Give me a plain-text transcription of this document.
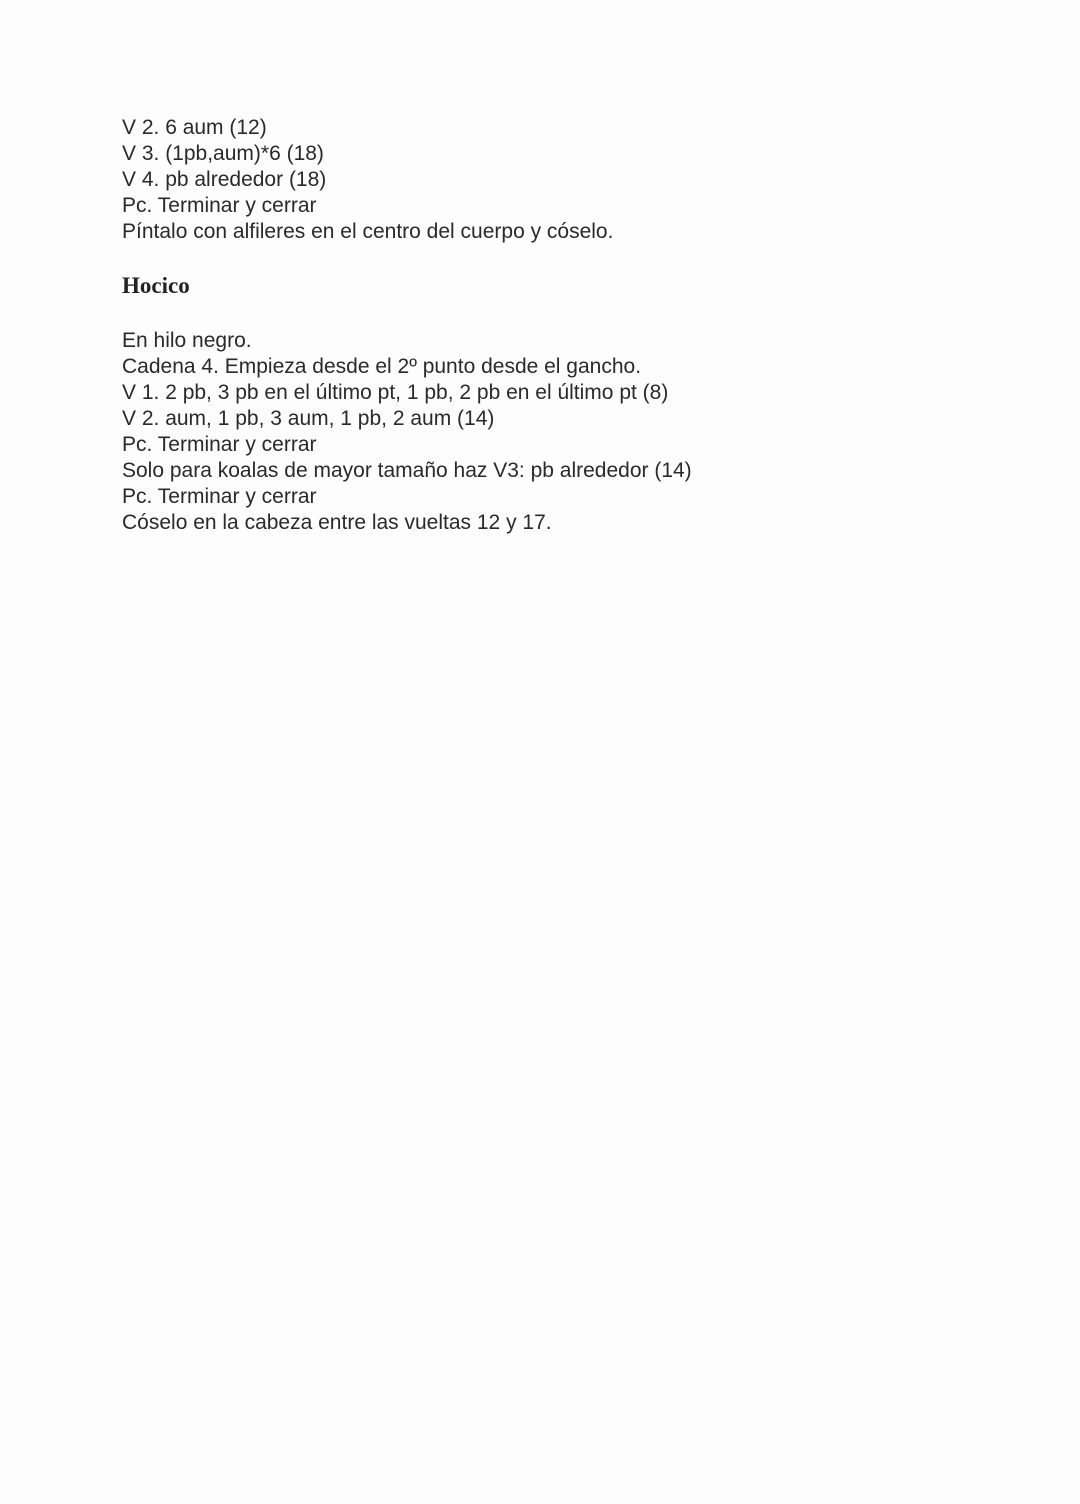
V 2. 6 aum (12)
V 3. (1pb,aum)*6 (18)
V 4. pb alrededor (18)
Pc. Terminar y cerrar
Píntalo con alfileres en el centro del cuerpo y cóselo.
Hocico
En hilo negro.
Cadena 4. Empieza desde el 2º punto desde el gancho.
V 1. 2 pb, 3 pb en el último pt, 1 pb, 2 pb en el último pt (8)
V 2. aum, 1 pb, 3 aum, 1 pb, 2 aum (14)
Pc. Terminar y cerrar
Solo para koalas de mayor tamaño haz V3: pb alrededor (14)
Pc. Terminar y cerrar
Cóselo en la cabeza entre las vueltas 12 y 17.
